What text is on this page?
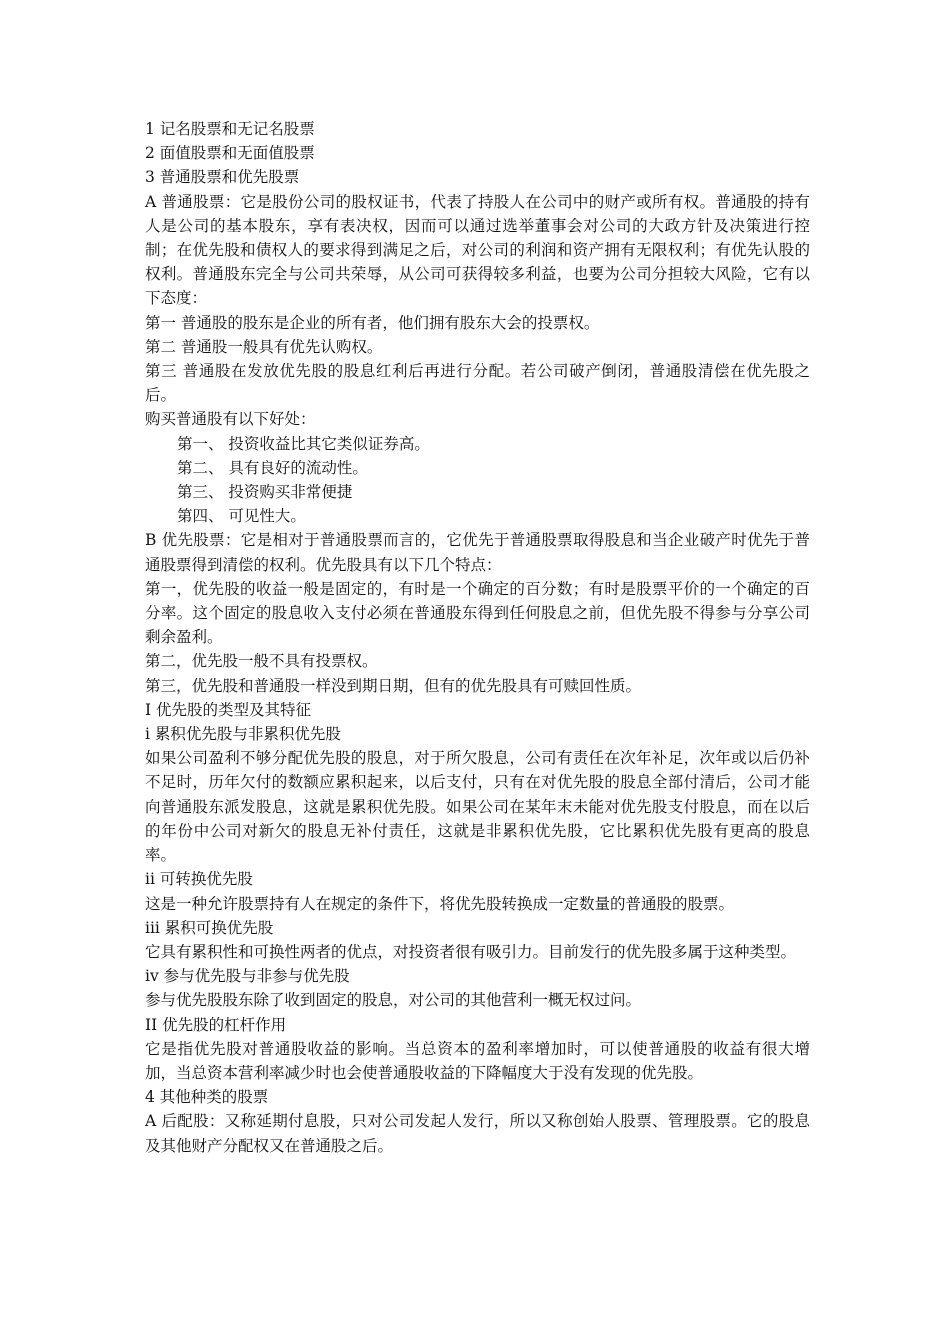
1 记名股票和无记名股票

2 面值股票和无面值股票

3 普通股票和优先股票

A 普通股票：它是股份公司的股权证书，代表了持股人在公司中的财产或所有权。普通股的持有人是公司的基本股东，享有表决权，因而可以通过选举董事会对公司的大政方针及决策进行控制；在优先股和债权人的要求得到满足之后，对公司的利润和资产拥有无限权利；有优先认股的权利。普通股东完全与公司共荣辱，从公司可获得较多利益，也要为公司分担较大风险，它有以下态度：

第一 普通股的股东是企业的所有者，他们拥有股东大会的投票权。

第二 普通股一般具有优先认购权。

第三 普通股在发放优先股的股息红利后再进行分配。若公司破产倒闭，普通股清偿在优先股之后。

购买普通股有以下好处：

第一、 投资收益比其它类似证券高。

第二、 具有良好的流动性。

第三、 投资购买非常便捷

第四、 可见性大。

B 优先股票：它是相对于普通股票而言的，它优先于普通股票取得股息和当企业破产时优先于普通股票得到清偿的权利。优先股具有以下几个特点：

第一，优先股的收益一般是固定的，有时是一个确定的百分数；有时是股票平价的一个确定的百分率。这个固定的股息收入支付必须在普通股东得到任何股息之前，但优先股不得参与分享公司剩余盈利。

第二，优先股一般不具有投票权。

第三，优先股和普通股一样没到期日期，但有的优先股具有可赎回性质。

I 优先股的类型及其特征

i 累积优先股与非累积优先股

如果公司盈利不够分配优先股的股息，对于所欠股息，公司有责任在次年补足，次年或以后仍补不足时，历年欠付的数额应累积起来，以后支付，只有在对优先股的股息全部付清后，公司才能向普通股东派发股息，这就是累积优先股。如果公司在某年末未能对优先股支付股息，而在以后的年份中公司对新欠的股息无补付责任，这就是非累积优先股，它比累积优先股有更高的股息率。

ii 可转换优先股

这是一种允许股票持有人在规定的条件下，将优先股转换成一定数量的普通股的股票。

iii 累积可换优先股

它具有累积性和可换性两者的优点，对投资者很有吸引力。目前发行的优先股多属于这种类型。

iv 参与优先股与非参与优先股

参与优先股股东除了收到固定的股息，对公司的其他营利一概无权过问。

II 优先股的杠杆作用

它是指优先股对普通股收益的影响。当总资本的盈利率增加时，可以使普通股的收益有很大增加，当总资本营利率减少时也会使普通股收益的下降幅度大于没有发现的优先股。

4 其他种类的股票

A 后配股：又称延期付息股，只对公司发起人发行，所以又称创始人股票、管理股票。它的股息及其他财产分配权又在普通股之后。
